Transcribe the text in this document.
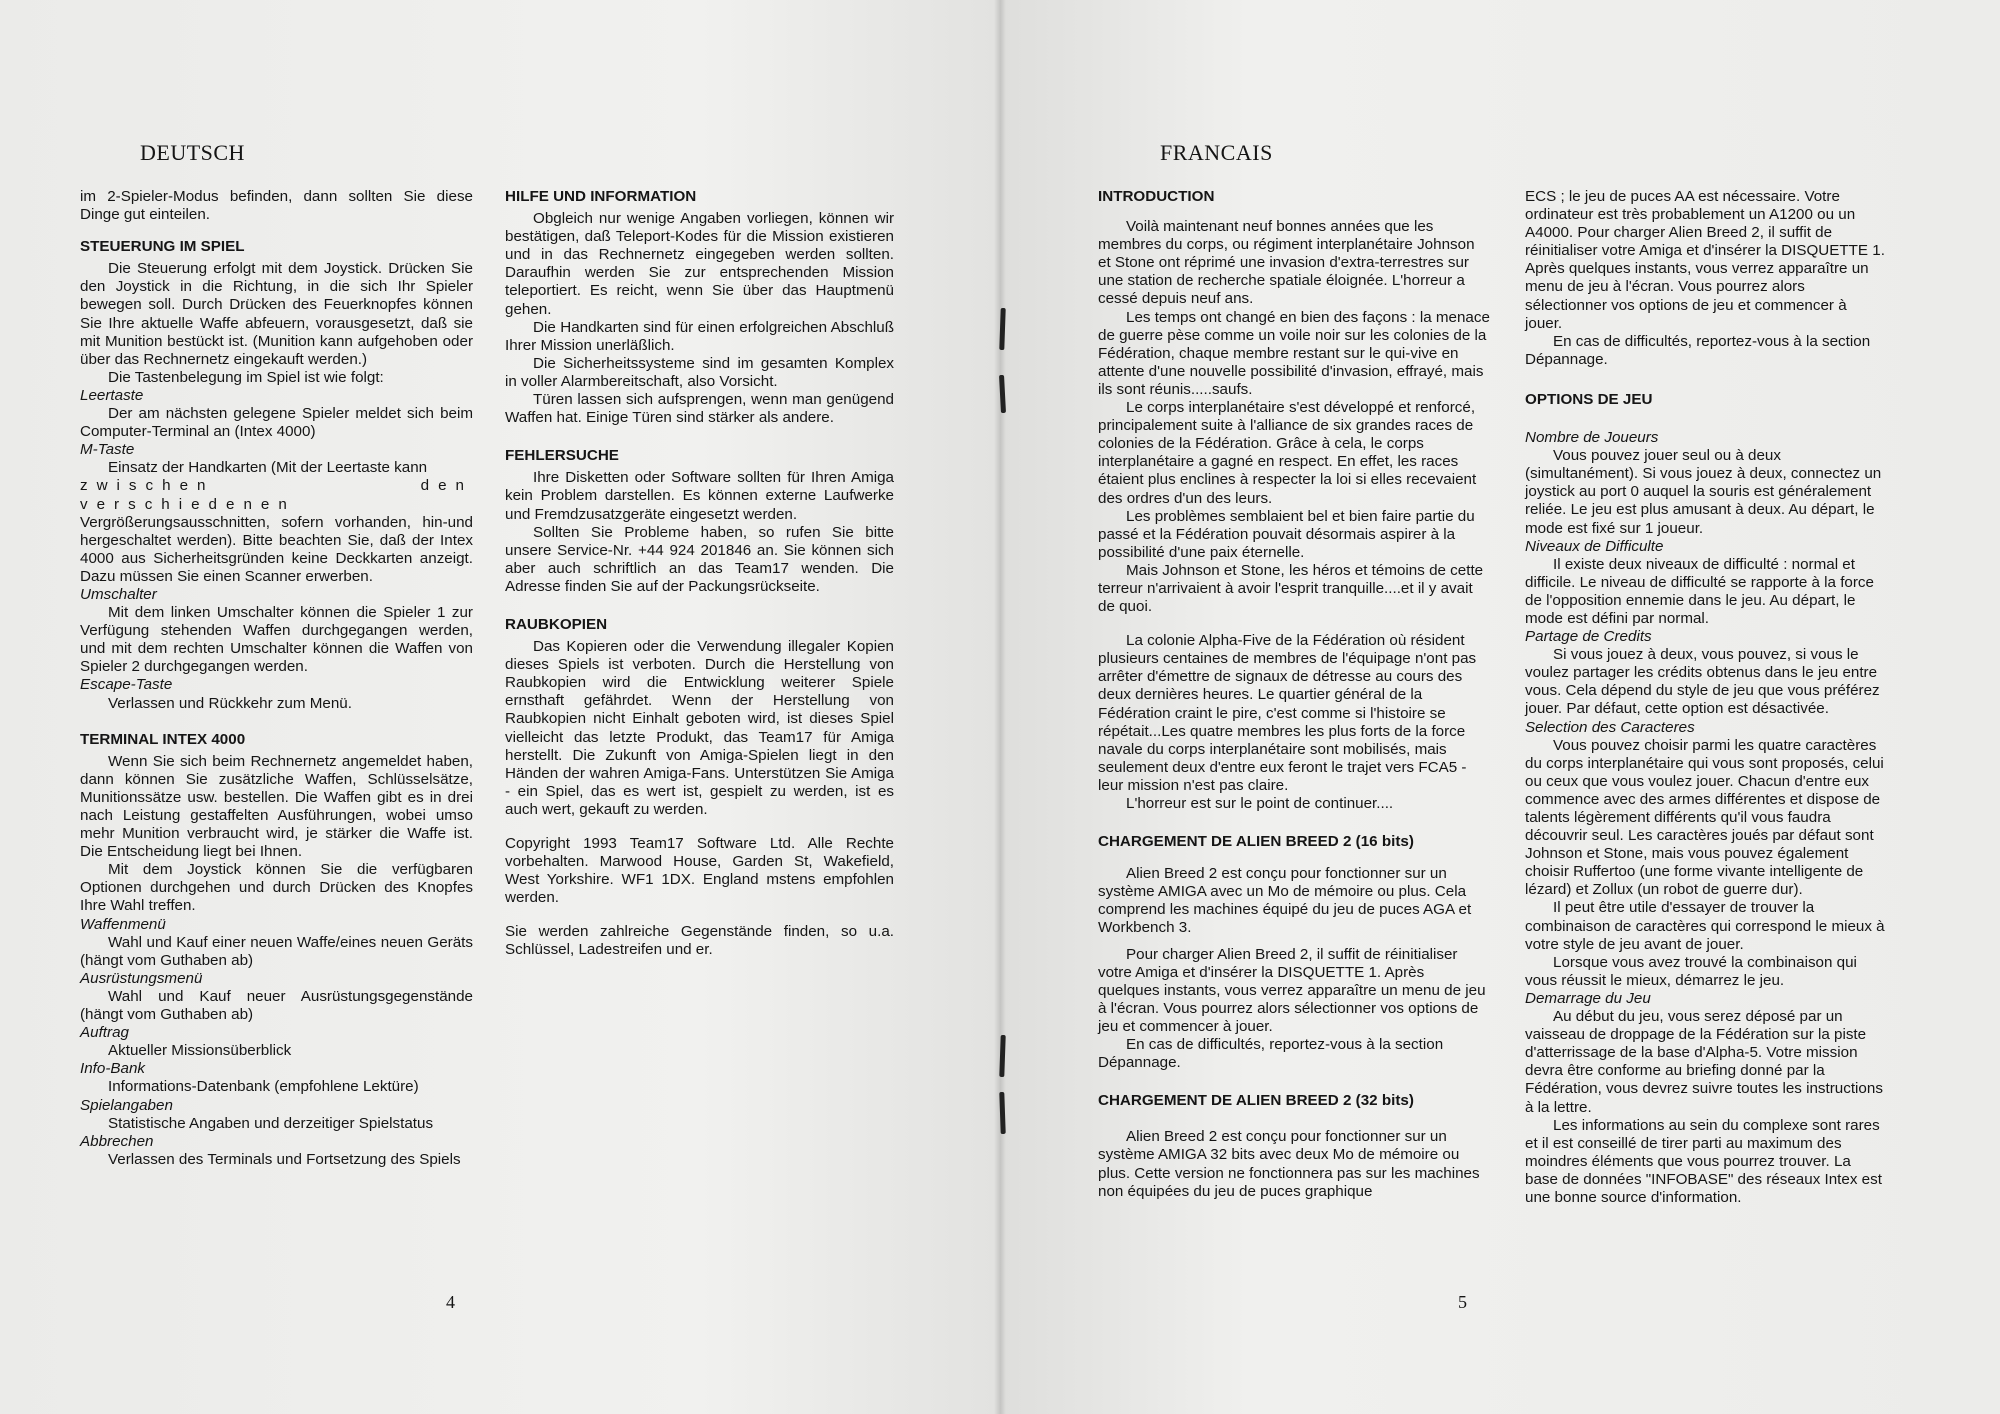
DEUTSCH

im 2-Spieler-Modus befinden, dann sollten Sie diese Dinge gut einteilen.

STEUERUNG IM SPIEL

Die Steuerung erfolgt mit dem Joystick. Drücken Sie den Joystick in die Richtung, in die sich Ihr Spieler bewegen soll. Durch Drücken des Feuerknopfes können Sie Ihre aktuelle Waffe abfeuern, vorausgesetzt, daß sie mit Munition bestückt ist. (Munition kann aufgehoben oder über das Rechnernetz eingekauft werden.)

Die Tastenbelegung im Spiel ist wie folgt:

Leertaste

Der am nächsten gelegene Spieler meldet sich beim Computer-Terminal an (Intex 4000)

M-Taste

Einsatz der Handkarten (Mit der Leertaste kann

zwischen den verschiedenen

Vergrößerungsausschnitten, sofern vorhanden, hin-und hergeschaltet werden). Bitte beachten Sie, daß der Intex 4000 aus Sicherheitsgründen keine Deckkarten anzeigt. Dazu müssen Sie einen Scanner erwerben.

Umschalter

Mit dem linken Umschalter können die Spieler 1 zur Verfügung stehenden Waffen durchgegangen werden, und mit dem rechten Umschalter können die Waffen von Spieler 2 durchgegangen werden.

Escape-Taste

Verlassen und Rückkehr zum Menü.

TERMINAL INTEX 4000

Wenn Sie sich beim Rechnernetz angemeldet haben, dann können Sie zusätzliche Waffen, Schlüsselsätze, Munitionssätze usw. bestellen. Die Waffen gibt es in drei nach Leistung gestaffelten Ausführungen, wobei umso mehr Munition verbraucht wird, je stärker die Waffe ist. Die Entscheidung liegt bei Ihnen.

Mit dem Joystick können Sie die verfügbaren Optionen durchgehen und durch Drücken des Knopfes Ihre Wahl treffen.

Waffenmenü

Wahl und Kauf einer neuen Waffe/eines neuen Geräts (hängt vom Guthaben ab)

Ausrüstungsmenü

Wahl und Kauf neuer Ausrüstungsgegenstände (hängt vom Guthaben ab)

Auftrag

Aktueller Missionsüberblick

Info-Bank

Informations-Datenbank (empfohlene Lektüre)

Spielangaben

Statistische Angaben und derzeitiger Spielstatus

Abbrechen

Verlassen des Terminals und Fortsetzung des Spiels

HILFE UND INFORMATION

Obgleich nur wenige Angaben vorliegen, können wir bestätigen, daß Teleport-Kodes für die Mission existieren und in das Rechnernetz eingegeben werden sollten. Daraufhin werden Sie zur entsprechenden Mission teleportiert. Es reicht, wenn Sie über das Hauptmenü gehen.

Die Handkarten sind für einen erfolgreichen Abschluß Ihrer Mission unerläßlich.

Die Sicherheitssysteme sind im gesamten Komplex in voller Alarmbereitschaft, also Vorsicht.

Türen lassen sich aufsprengen, wenn man genügend Waffen hat. Einige Türen sind stärker als andere.

FEHLERSUCHE

Ihre Disketten oder Software sollten für Ihren Amiga kein Problem darstellen. Es können externe Laufwerke und Fremdzusatzgeräte eingesetzt werden.

Sollten Sie Probleme haben, so rufen Sie bitte unsere Service-Nr. +44 924 201846 an. Sie können sich aber auch schriftlich an das Team17 wenden. Die Adresse finden Sie auf der Packungsrückseite.

RAUBKOPIEN

Das Kopieren oder die Verwendung illegaler Kopien dieses Spiels ist verboten. Durch die Herstellung von Raubkopien wird die Entwicklung weiterer Spiele ernsthaft gefährdet. Wenn der Herstellung von Raubkopien nicht Einhalt geboten wird, ist dieses Spiel vielleicht das letzte Produkt, das Team17 für Amiga herstellt. Die Zukunft von Amiga-Spielen liegt in den Händen der wahren Amiga-Fans. Unterstützen Sie Amiga - ein Spiel, das es wert ist, gespielt zu werden, ist es auch wert, gekauft zu werden.

Copyright 1993 Team17 Software Ltd. Alle Rechte vorbehalten. Marwood House, Garden St, Wakefield, West Yorkshire. WF1 1DX. England mstens empfohlen werden.

Sie werden zahlreiche Gegenstände finden, so u.a. Schlüssel, Ladestreifen und er.

4
FRANCAIS

INTRODUCTION

Voilà maintenant neuf bonnes années que les membres du corps, ou régiment interplanétaire Johnson et Stone ont réprimé une invasion d'extra-terrestres sur une station de recherche spatiale éloignée. L'horreur a cessé depuis neuf ans.

Les temps ont changé en bien des façons : la menace de guerre pèse comme un voile noir sur les colonies de la Fédération, chaque membre restant sur le qui-vive en attente d'une nouvelle possibilité d'invasion, effrayé, mais ils sont réunis.....saufs.

Le corps interplanétaire s'est développé et renforcé, principalement suite à l'alliance de six grandes races de colonies de la Fédération. Grâce à cela, le corps interplanétaire a gagné en respect. En effet, les races étaient plus enclines à respecter la loi si elles recevaient des ordres d'un des leurs.

Les problèmes semblaient bel et bien faire partie du passé et la Fédération pouvait désormais aspirer à la possibilité d'une paix éternelle.

Mais Johnson et Stone, les héros et témoins de cette terreur n'arrivaient à avoir l'esprit tranquille....et il y avait de quoi.

La colonie Alpha-Five de la Fédération où résident plusieurs centaines de membres de l'équipage n'ont pas arrêter d'émettre de signaux de détresse au cours des deux dernières heures. Le quartier général de la Fédération craint le pire, c'est comme si l'histoire se répétait...Les quatre membres les plus forts de la force navale du corps interplanétaire sont mobilisés, mais seulement deux d'entre eux feront le trajet vers FCA5 - leur mission n'est pas claire.

L'horreur est sur le point de continuer....

CHARGEMENT DE ALIEN BREED 2 (16 bits)

Alien Breed 2 est conçu pour fonctionner sur un système AMIGA avec un Mo de mémoire ou plus. Cela comprend les machines équipé du jeu de puces AGA et Workbench 3.

Pour charger Alien Breed 2, il suffit de réinitialiser votre Amiga et d'insérer la DISQUETTE 1. Après quelques instants, vous verrez apparaître un menu de jeu à l'écran. Vous pourrez alors sélectionner vos options de jeu et commencer à jouer.

En cas de difficultés, reportez-vous à la section Dépannage.

CHARGEMENT DE ALIEN BREED 2 (32 bits)

Alien Breed 2 est conçu pour fonctionner sur un système AMIGA 32 bits avec deux Mo de mémoire ou plus. Cette version ne fonctionnera pas sur les machines non équipées du jeu de puces graphique

ECS ; le jeu de puces AA est nécessaire. Votre ordinateur est très probablement un A1200 ou un A4000. Pour charger Alien Breed 2, il suffit de réinitialiser votre Amiga et d'insérer la DISQUETTE 1. Après quelques instants, vous verrez apparaître un menu de jeu à l'écran. Vous pourrez alors sélectionner vos options de jeu et commencer à jouer.

En cas de difficultés, reportez-vous à la section Dépannage.

OPTIONS DE JEU

Nombre de Joueurs

Vous pouvez jouer seul ou à deux (simultanément). Si vous jouez à deux, connectez un joystick au port 0 auquel la souris est généralement reliée. Le jeu est plus amusant à deux. Au départ, le mode est fixé sur 1 joueur.

Niveaux de Difficulte

Il existe deux niveaux de difficulté : normal et difficile. Le niveau de difficulté se rapporte à la force de l'opposition ennemie dans le jeu. Au départ, le mode est défini par normal.

Partage de Credits

Si vous jouez à deux, vous pouvez, si vous le voulez partager les crédits obtenus dans le jeu entre vous. Cela dépend du style de jeu que vous préférez jouer. Par défaut, cette option est désactivée.

Selection des Caracteres

Vous pouvez choisir parmi les quatre caractères du corps interplanétaire qui vous sont proposés, celui ou ceux que vous voulez jouer. Chacun d'entre eux commence avec des armes différentes et dispose de talents légèrement différents qu'il vous faudra découvrir seul. Les caractères joués par défaut sont Johnson et Stone, mais vous pouvez également choisir Ruffertoo (une forme vivante intelligente de lézard) et Zollux (un robot de guerre dur).

Il peut être utile d'essayer de trouver la combinaison de caractères qui correspond le mieux à votre style de jeu avant de jouer.

Lorsque vous avez trouvé la combinaison qui vous réussit le mieux, démarrez le jeu.

Demarrage du Jeu

Au début du jeu, vous serez déposé par un vaisseau de droppage de la Fédération sur la piste d'atterrissage de la base d'Alpha-5. Votre mission devra être conforme au briefing donné par la Fédération, vous devrez suivre toutes les instructions à la lettre.

Les informations au sein du complexe sont rares et il est conseillé de tirer parti au maximum des moindres éléments que vous pourrez trouver. La base de données "INFOBASE" des réseaux Intex est une bonne source d'information.

5
